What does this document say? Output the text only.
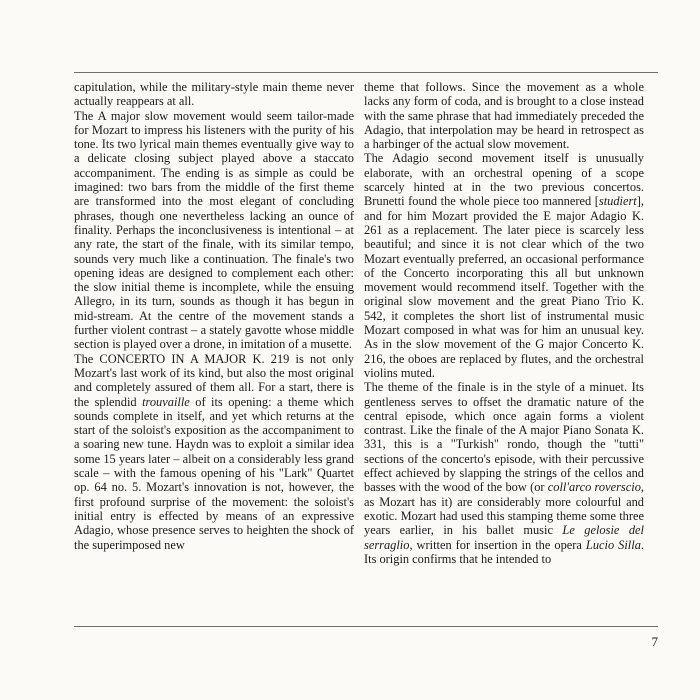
capitulation, while the military-style main theme never actually reappears at all.

The A major slow movement would seem tailor-made for Mozart to impress his listeners with the purity of his tone. Its two lyrical main themes eventually give way to a delicate closing subject played above a staccato accompaniment. The ending is as simple as could be imagined: two bars from the middle of the first theme are transformed into the most elegant of concluding phrases, though one nevertheless lacking an ounce of finality. Perhaps the inconclusiveness is intentional – at any rate, the start of the finale, with its similar tempo, sounds very much like a continuation. The finale's two opening ideas are designed to complement each other: the slow initial theme is incomplete, while the ensuing Allegro, in its turn, sounds as though it has begun in mid-stream. At the centre of the movement stands a further violent contrast – a stately gavotte whose middle section is played over a drone, in imitation of a musette.

The CONCERTO IN A MAJOR K. 219 is not only Mozart's last work of its kind, but also the most original and completely assured of them all. For a start, there is the splendid trouvaille of its opening: a theme which sounds complete in itself, and yet which returns at the start of the soloist's exposition as the accompaniment to a soaring new tune. Haydn was to exploit a similar idea some 15 years later – albeit on a considerably less grand scale – with the famous opening of his "Lark" Quartet op. 64 no. 5. Mozart's innovation is not, however, the first profound surprise of the movement: the soloist's initial entry is effected by means of an expressive Adagio, whose presence serves to heighten the shock of the superimposed new

theme that follows. Since the movement as a whole lacks any form of coda, and is brought to a close instead with the same phrase that had immediately preceded the Adagio, that interpolation may be heard in retrospect as a harbinger of the actual slow movement.

The Adagio second movement itself is unusually elaborate, with an orchestral opening of a scope scarcely hinted at in the two previous concertos. Brunetti found the whole piece too mannered [studiert], and for him Mozart provided the E major Adagio K. 261 as a replacement. The later piece is scarcely less beautiful; and since it is not clear which of the two Mozart eventually preferred, an occasional performance of the Concerto incorporating this all but unknown movement would recommend itself. Together with the original slow movement and the great Piano Trio K. 542, it completes the short list of instrumental music Mozart composed in what was for him an unusual key. As in the slow movement of the G major Concerto K. 216, the oboes are replaced by flutes, and the orchestral violins muted.

The theme of the finale is in the style of a minuet. Its gentleness serves to offset the dramatic nature of the central episode, which once again forms a violent contrast. Like the finale of the A major Piano Sonata K. 331, this is a "Turkish" rondo, though the "tutti" sections of the concerto's episode, with their percussive effect achieved by slapping the strings of the cellos and basses with the wood of the bow (or coll'arco roverscio, as Mozart has it) are considerably more colourful and exotic. Mozart had used this stamping theme some three years earlier, in his ballet music Le gelosie del serraglio, written for insertion in the opera Lucio Silla. Its origin confirms that he intended to

7
